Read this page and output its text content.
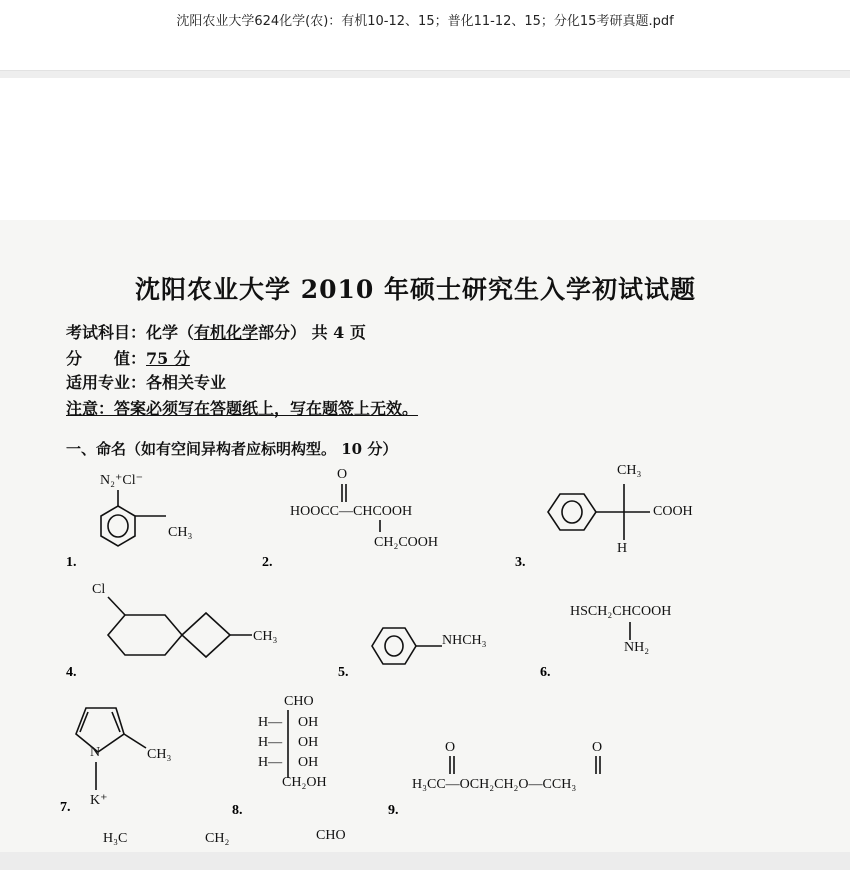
沈阳农业大学624化学(农)：有机10-12、15；普化11-12、15；分化15考研真题.pdf
沈阳农业大学 2010 年硕士研究生入学初试试题
考试科目：化学（有机化学部分） 共 4 页
分　　值：75 分
适用专业：各相关专业
注意：答案必须写在答题纸上，写在题签上无效。
一、命名（如有空间异构者应标明构型。 10 分）
1.
N₂⁺Cl⁻
CH₃
2.
O
HOOCC—CHCOOH
CH₂COOH
3.
CH₃
COOH
H
4.
Cl
CH₃
5.
NHCH₃
6.
HSCH₂CHCOOH
NH₂
7.
N	CH₃
K⁺
8.
CHO
H— OH
H— OH
H— OH
CH₂OH
9.
O	O
H₃CC—OCH₂CH₂O—CCH₃
H₃C	CH₂	CHO
